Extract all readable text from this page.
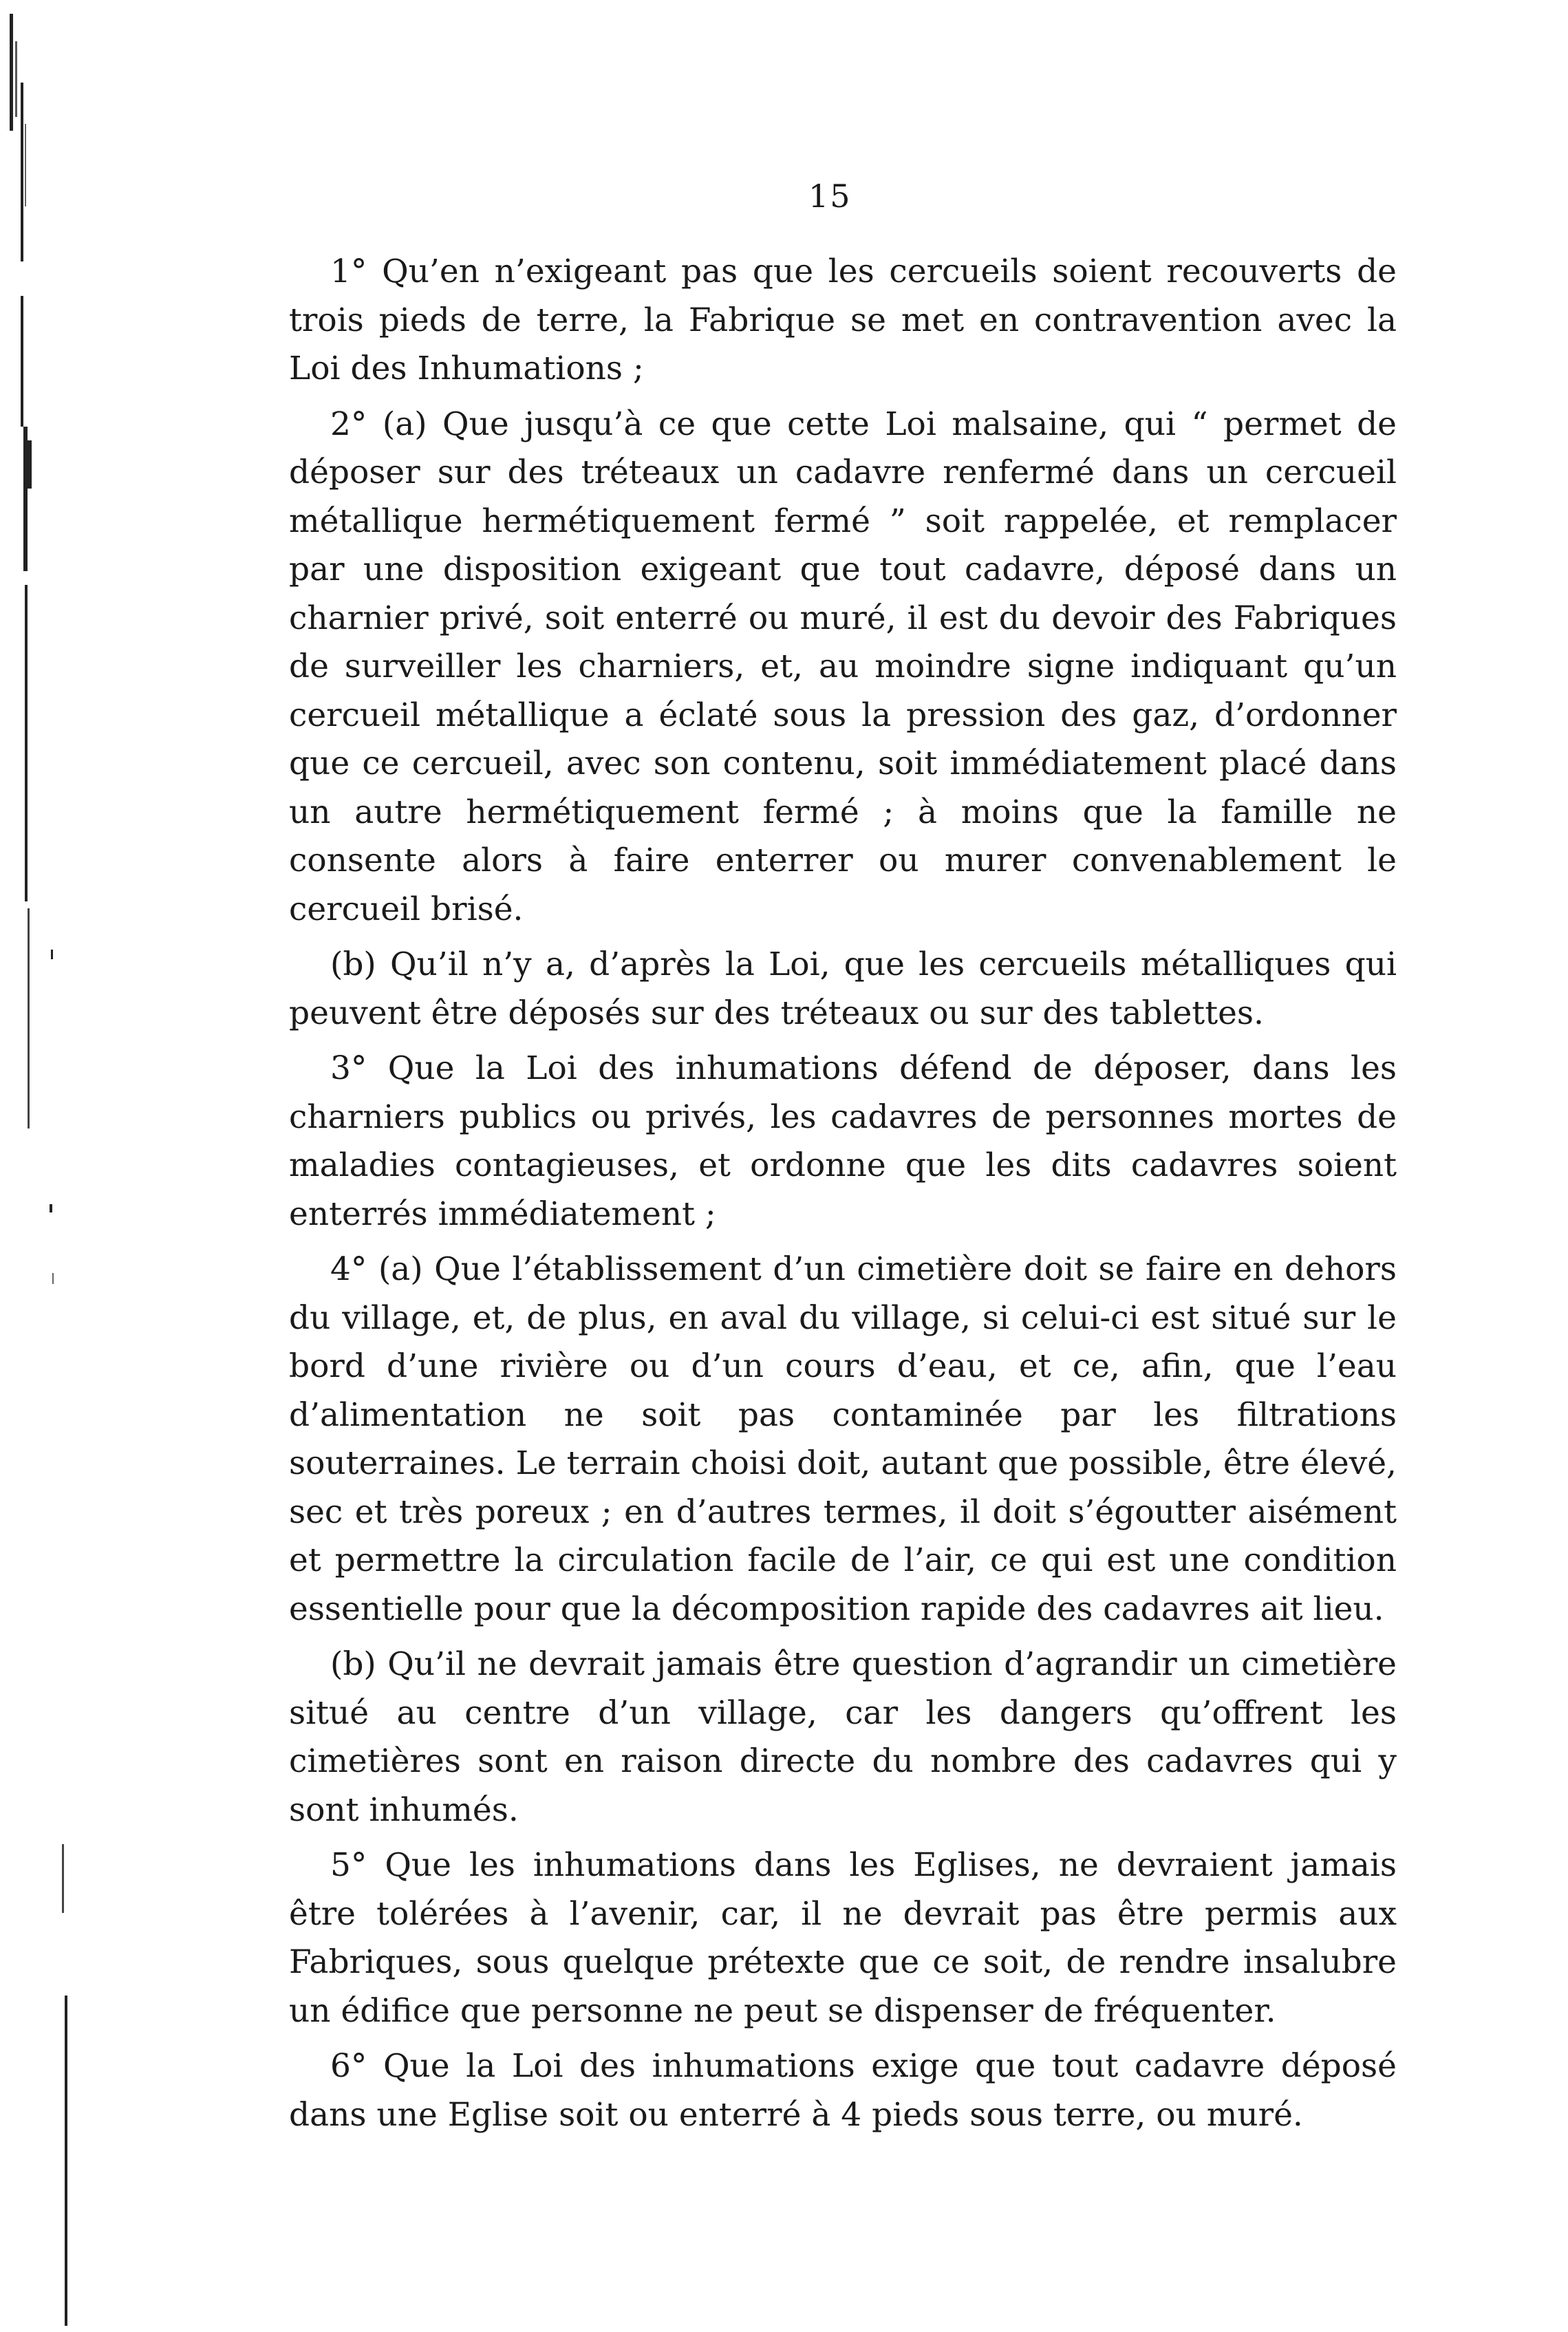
15

1° Qu’en n’exigeant pas que les cercueils soient recouverts de trois pieds de terre, la Fabrique se met en contravention avec la Loi des Inhumations ;

2° (a) Que jusqu’à ce que cette Loi malsaine, qui “ permet de déposer sur des tréteaux un cadavre renfermé dans un cercueil métallique hermétiquement fermé ” soit rappelée, et remplacer par une disposition exigeant que tout cadavre, déposé dans un charnier privé, soit enterré ou muré, il est du devoir des Fabriques de surveiller les charniers, et, au moindre signe indiquant qu’un cercueil métallique a éclaté sous la pression des gaz, d’ordonner que ce cercueil, avec son contenu, soit immédiatement placé dans un autre hermétiquement fermé ; à moins que la famille ne consente alors à faire enterrer ou murer convenablement le cercueil brisé.

(b) Qu’il n’y a, d’après la Loi, que les cercueils métalliques qui peuvent être déposés sur des tréteaux ou sur des tablettes.

3° Que la Loi des inhumations défend de déposer, dans les charniers publics ou privés, les cadavres de personnes mortes de maladies contagieuses, et ordonne que les dits cadavres soient enterrés immédiatement ;

4° (a) Que l’établissement d’un cimetière doit se faire en dehors du village, et, de plus, en aval du village, si celui-ci est situé sur le bord d’une rivière ou d’un cours d’eau, et ce, afin, que l’eau d’alimentation ne soit pas contaminée par les filtrations souterraines. Le terrain choisi doit, autant que possible, être élevé, sec et très poreux ; en d’autres termes, il doit s’égoutter aisément et permettre la circulation facile de l’air, ce qui est une condition essentielle pour que la décomposition rapide des cadavres ait lieu.

(b) Qu’il ne devrait jamais être question d’agrandir un cimetière situé au centre d’un village, car les dangers qu’offrent les cimetières sont en raison directe du nombre des cadavres qui y sont inhumés.

5° Que les inhumations dans les Eglises, ne devraient jamais être tolérées à l’avenir, car, il ne devrait pas être permis aux Fabriques, sous quelque prétexte que ce soit, de rendre insalubre un édifice que personne ne peut se dispenser de fréquenter.

6° Que la Loi des inhumations exige que tout cadavre déposé dans une Eglise soit ou enterré à 4 pieds sous terre, ou muré.
